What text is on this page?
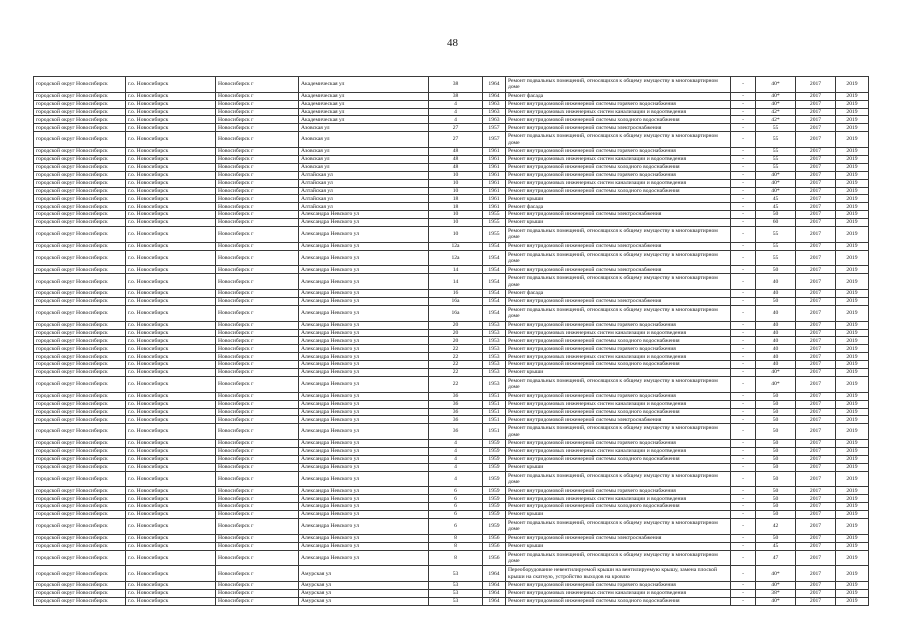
48
городской округ Новосибирск	г.о. Новосибирск	Новосибирск г	Академическая ул	38	1964	Ремонт подвальных помещений, относящихся к общему имуществу в многоквартирном доме	-	40*	2017	2019
городской округ Новосибирск	г.о. Новосибирск	Новосибирск г	Академическая ул	38	1964	Ремонт фасада	-	40*	2017	2019
городской округ Новосибирск	г.о. Новосибирск	Новосибирск г	Академическая ул	4	1963	Ремонт внутридомовой инженерной системы горячего водоснабжения	-	40*	2017	2019
городской округ Новосибирск	г.о. Новосибирск	Новосибирск г	Академическая ул	4	1963	Ремонт внутридомовых инженерных систем канализации и водоотведения	-	42*	2017	2019
городской округ Новосибирск	г.о. Новосибирск	Новосибирск г	Академическая ул	4	1963	Ремонт внутридомовой инженерной системы холодного водоснабжения	-	42*	2017	2019
городской округ Новосибирск	г.о. Новосибирск	Новосибирск г	Азовская ул	27	1957	Ремонт внутридомовой инженерной системы электроснабжения	-	55	2017	2019
городской округ Новосибирск	г.о. Новосибирск	Новосибирск г	Азовская ул	27	1957	Ремонт подвальных помещений, относящихся к общему имуществу в многоквартирном доме	-	55	2017	2019
городской округ Новосибирск	г.о. Новосибирск	Новосибирск г	Азовская ул	48	1961	Ремонт внутридомовой инженерной системы горячего водоснабжения	-	55	2017	2019
городской округ Новосибирск	г.о. Новосибирск	Новосибирск г	Азовская ул	48	1961	Ремонт внутридомовых инженерных систем канализации и водоотведения	-	55	2017	2019
городской округ Новосибирск	г.о. Новосибирск	Новосибирск г	Азовская ул	48	1961	Ремонт внутридомовой инженерной системы холодного водоснабжения	-	55	2017	2019
городской округ Новосибирск	г.о. Новосибирск	Новосибирск г	Алтайская ул	10	1961	Ремонт внутридомовой инженерной системы горячего водоснабжения	-	40*	2017	2019
городской округ Новосибирск	г.о. Новосибирск	Новосибирск г	Алтайская ул	10	1961	Ремонт внутридомовых инженерных систем канализации и водоотведения	-	40*	2017	2019
городской округ Новосибирск	г.о. Новосибирск	Новосибирск г	Алтайская ул	10	1961	Ремонт внутридомовой инженерной системы холодного водоснабжения	-	40*	2017	2019
городской округ Новосибирск	г.о. Новосибирск	Новосибирск г	Алтайская ул	18	1961	Ремонт крыши	-	45	2017	2019
городской округ Новосибирск	г.о. Новосибирск	Новосибирск г	Алтайская ул	18	1961	Ремонт фасада	-	45	2017	2019
городской округ Новосибирск	г.о. Новосибирск	Новосибирск г	Александра Невского ул	10	1955	Ремонт внутридомовой инженерной системы электроснабжения	-	50	2017	2019
городской округ Новосибирск	г.о. Новосибирск	Новосибирск г	Александра Невского ул	10	1955	Ремонт крыши	-	60	2017	2019
городской округ Новосибирск	г.о. Новосибирск	Новосибирск г	Александра Невского ул	10	1955	Ремонт подвальных помещений, относящихся к общему имуществу в многоквартирном доме	-	55	2017	2019
городской округ Новосибирск	г.о. Новосибирск	Новосибирск г	Александра Невского ул	12а	1954	Ремонт внутридомовой инженерной системы электроснабжения	-	55	2017	2019
городской округ Новосибирск	г.о. Новосибирск	Новосибирск г	Александра Невского ул	12а	1954	Ремонт подвальных помещений, относящихся к общему имуществу в многоквартирном доме	-	55	2017	2019
городской округ Новосибирск	г.о. Новосибирск	Новосибирск г	Александра Невского ул	14	1954	Ремонт внутридомовой инженерной системы электроснабжения	-	50	2017	2019
городской округ Новосибирск	г.о. Новосибирск	Новосибирск г	Александра Невского ул	14	1954	Ремонт подвальных помещений, относящихся к общему имуществу в многоквартирном доме	-	40	2017	2019
городской округ Новосибирск	г.о. Новосибирск	Новосибирск г	Александра Невского ул	16	1954	Ремонт фасада	-	40	2017	2019
городской округ Новосибирск	г.о. Новосибирск	Новосибирск г	Александра Невского ул	16а	1954	Ремонт внутридомовой инженерной системы электроснабжения	-	50	2017	2019
городской округ Новосибирск	г.о. Новосибирск	Новосибирск г	Александра Невского ул	16а	1954	Ремонт подвальных помещений, относящихся к общему имуществу в многоквартирном доме	-	40	2017	2019
городской округ Новосибирск	г.о. Новосибирск	Новосибирск г	Александра Невского ул	20	1953	Ремонт внутридомовой инженерной системы горячего водоснабжения	-	40	2017	2019
городской округ Новосибирск	г.о. Новосибирск	Новосибирск г	Александра Невского ул	20	1953	Ремонт внутридомовых инженерных систем канализации и водоотведения	-	40	2017	2019
городской округ Новосибирск	г.о. Новосибирск	Новосибирск г	Александра Невского ул	20	1953	Ремонт внутридомовой инженерной системы холодного водоснабжения	-	40	2017	2019
городской округ Новосибирск	г.о. Новосибирск	Новосибирск г	Александра Невского ул	22	1953	Ремонт внутридомовой инженерной системы горячего водоснабжения	-	40	2017	2019
городской округ Новосибирск	г.о. Новосибирск	Новосибирск г	Александра Невского ул	22	1953	Ремонт внутридомовых инженерных систем канализации и водоотведения	-	40	2017	2019
городской округ Новосибирск	г.о. Новосибирск	Новосибирск г	Александра Невского ул	22	1953	Ремонт внутридомовой инженерной системы холодного водоснабжения	-	40	2017	2019
городской округ Новосибирск	г.о. Новосибирск	Новосибирск г	Александра Невского ул	22	1953	Ремонт крыши	-	40*	2017	2019
городской округ Новосибирск	г.о. Новосибирск	Новосибирск г	Александра Невского ул	22	1953	Ремонт подвальных помещений, относящихся к общему имуществу в многоквартирном доме	-	40*	2017	2019
городской округ Новосибирск	г.о. Новосибирск	Новосибирск г	Александра Невского ул	36	1951	Ремонт внутридомовой инженерной системы горячего водоснабжения	-	50	2017	2019
городской округ Новосибирск	г.о. Новосибирск	Новосибирск г	Александра Невского ул	36	1951	Ремонт внутридомовых инженерных систем канализации и водоотведения	-	50	2017	2019
городской округ Новосибирск	г.о. Новосибирск	Новосибирск г	Александра Невского ул	36	1951	Ремонт внутридомовой инженерной системы холодного водоснабжения	-	50	2017	2019
городской округ Новосибирск	г.о. Новосибирск	Новосибирск г	Александра Невского ул	36	1951	Ремонт внутридомовой инженерной системы электроснабжения	-	50	2017	2019
городской округ Новосибирск	г.о. Новосибирск	Новосибирск г	Александра Невского ул	36	1951	Ремонт подвальных помещений, относящихся к общему имуществу в многоквартирном доме	-	50	2017	2019
городской округ Новосибирск	г.о. Новосибирск	Новосибирск г	Александра Невского ул	4	1959	Ремонт внутридомовой инженерной системы горячего водоснабжения	-	50	2017	2019
городской округ Новосибирск	г.о. Новосибирск	Новосибирск г	Александра Невского ул	4	1959	Ремонт внутридомовых инженерных систем канализации и водоотведения	-	50	2017	2019
городской округ Новосибирск	г.о. Новосибирск	Новосибирск г	Александра Невского ул	4	1959	Ремонт внутридомовой инженерной системы холодного водоснабжения	-	50	2017	2019
городской округ Новосибирск	г.о. Новосибирск	Новосибирск г	Александра Невского ул	4	1959	Ремонт крыши	-	50	2017	2019
городской округ Новосибирск	г.о. Новосибирск	Новосибирск г	Александра Невского ул	4	1959	Ремонт подвальных помещений, относящихся к общему имуществу в многоквартирном доме	-	50	2017	2019
городской округ Новосибирск	г.о. Новосибирск	Новосибирск г	Александра Невского ул	6	1959	Ремонт внутридомовой инженерной системы горячего водоснабжения	-	50	2017	2019
городской округ Новосибирск	г.о. Новосибирск	Новосибирск г	Александра Невского ул	6	1959	Ремонт внутридомовых инженерных систем канализации и водоотведения	-	50	2017	2019
городской округ Новосибирск	г.о. Новосибирск	Новосибирск г	Александра Невского ул	6	1959	Ремонт внутридомовой инженерной системы холодного водоснабжения	-	50	2017	2019
городской округ Новосибирск	г.о. Новосибирск	Новосибирск г	Александра Невского ул	6	1959	Ремонт крыши	-	50	2017	2019
городской округ Новосибирск	г.о. Новосибирск	Новосибирск г	Александра Невского ул	6	1959	Ремонт подвальных помещений, относящихся к общему имуществу в многоквартирном доме	-	42	2017	2019
городской округ Новосибирск	г.о. Новосибирск	Новосибирск г	Александра Невского ул	8	1956	Ремонт внутридомовой инженерной системы электроснабжения	-	50	2017	2019
городской округ Новосибирск	г.о. Новосибирск	Новосибирск г	Александра Невского ул	8	1956	Ремонт крыши	-	45	2017	2019
городской округ Новосибирск	г.о. Новосибирск	Новосибирск г	Александра Невского ул	8	1956	Ремонт подвальных помещений, относящихся к общему имуществу в многоквартирном доме	-	47	2017	2019
городской округ Новосибирск	г.о. Новосибирск	Новосибирск г	Амурская ул	53	1964	Переоборудование невентилируемой крыши на вентилируемую крышу, замена плоской крыши на скатную, устройство выходов на кровлю	-	40*	2017	2019
городской округ Новосибирск	г.о. Новосибирск	Новосибирск г	Амурская ул	53	1964	Ремонт внутридомовой инженерной системы горячего водоснабжения	-	40*	2017	2019
городской округ Новосибирск	г.о. Новосибирск	Новосибирск г	Амурская ул	53	1964	Ремонт внутридомовых инженерных систем канализации и водоотведения	-	38*	2017	2019
городской округ Новосибирск	г.о. Новосибирск	Новосибирск г	Амурская ул	53	1964	Ремонт внутридомовой инженерной системы холодного водоснабжения	-	40*	2017	2019
